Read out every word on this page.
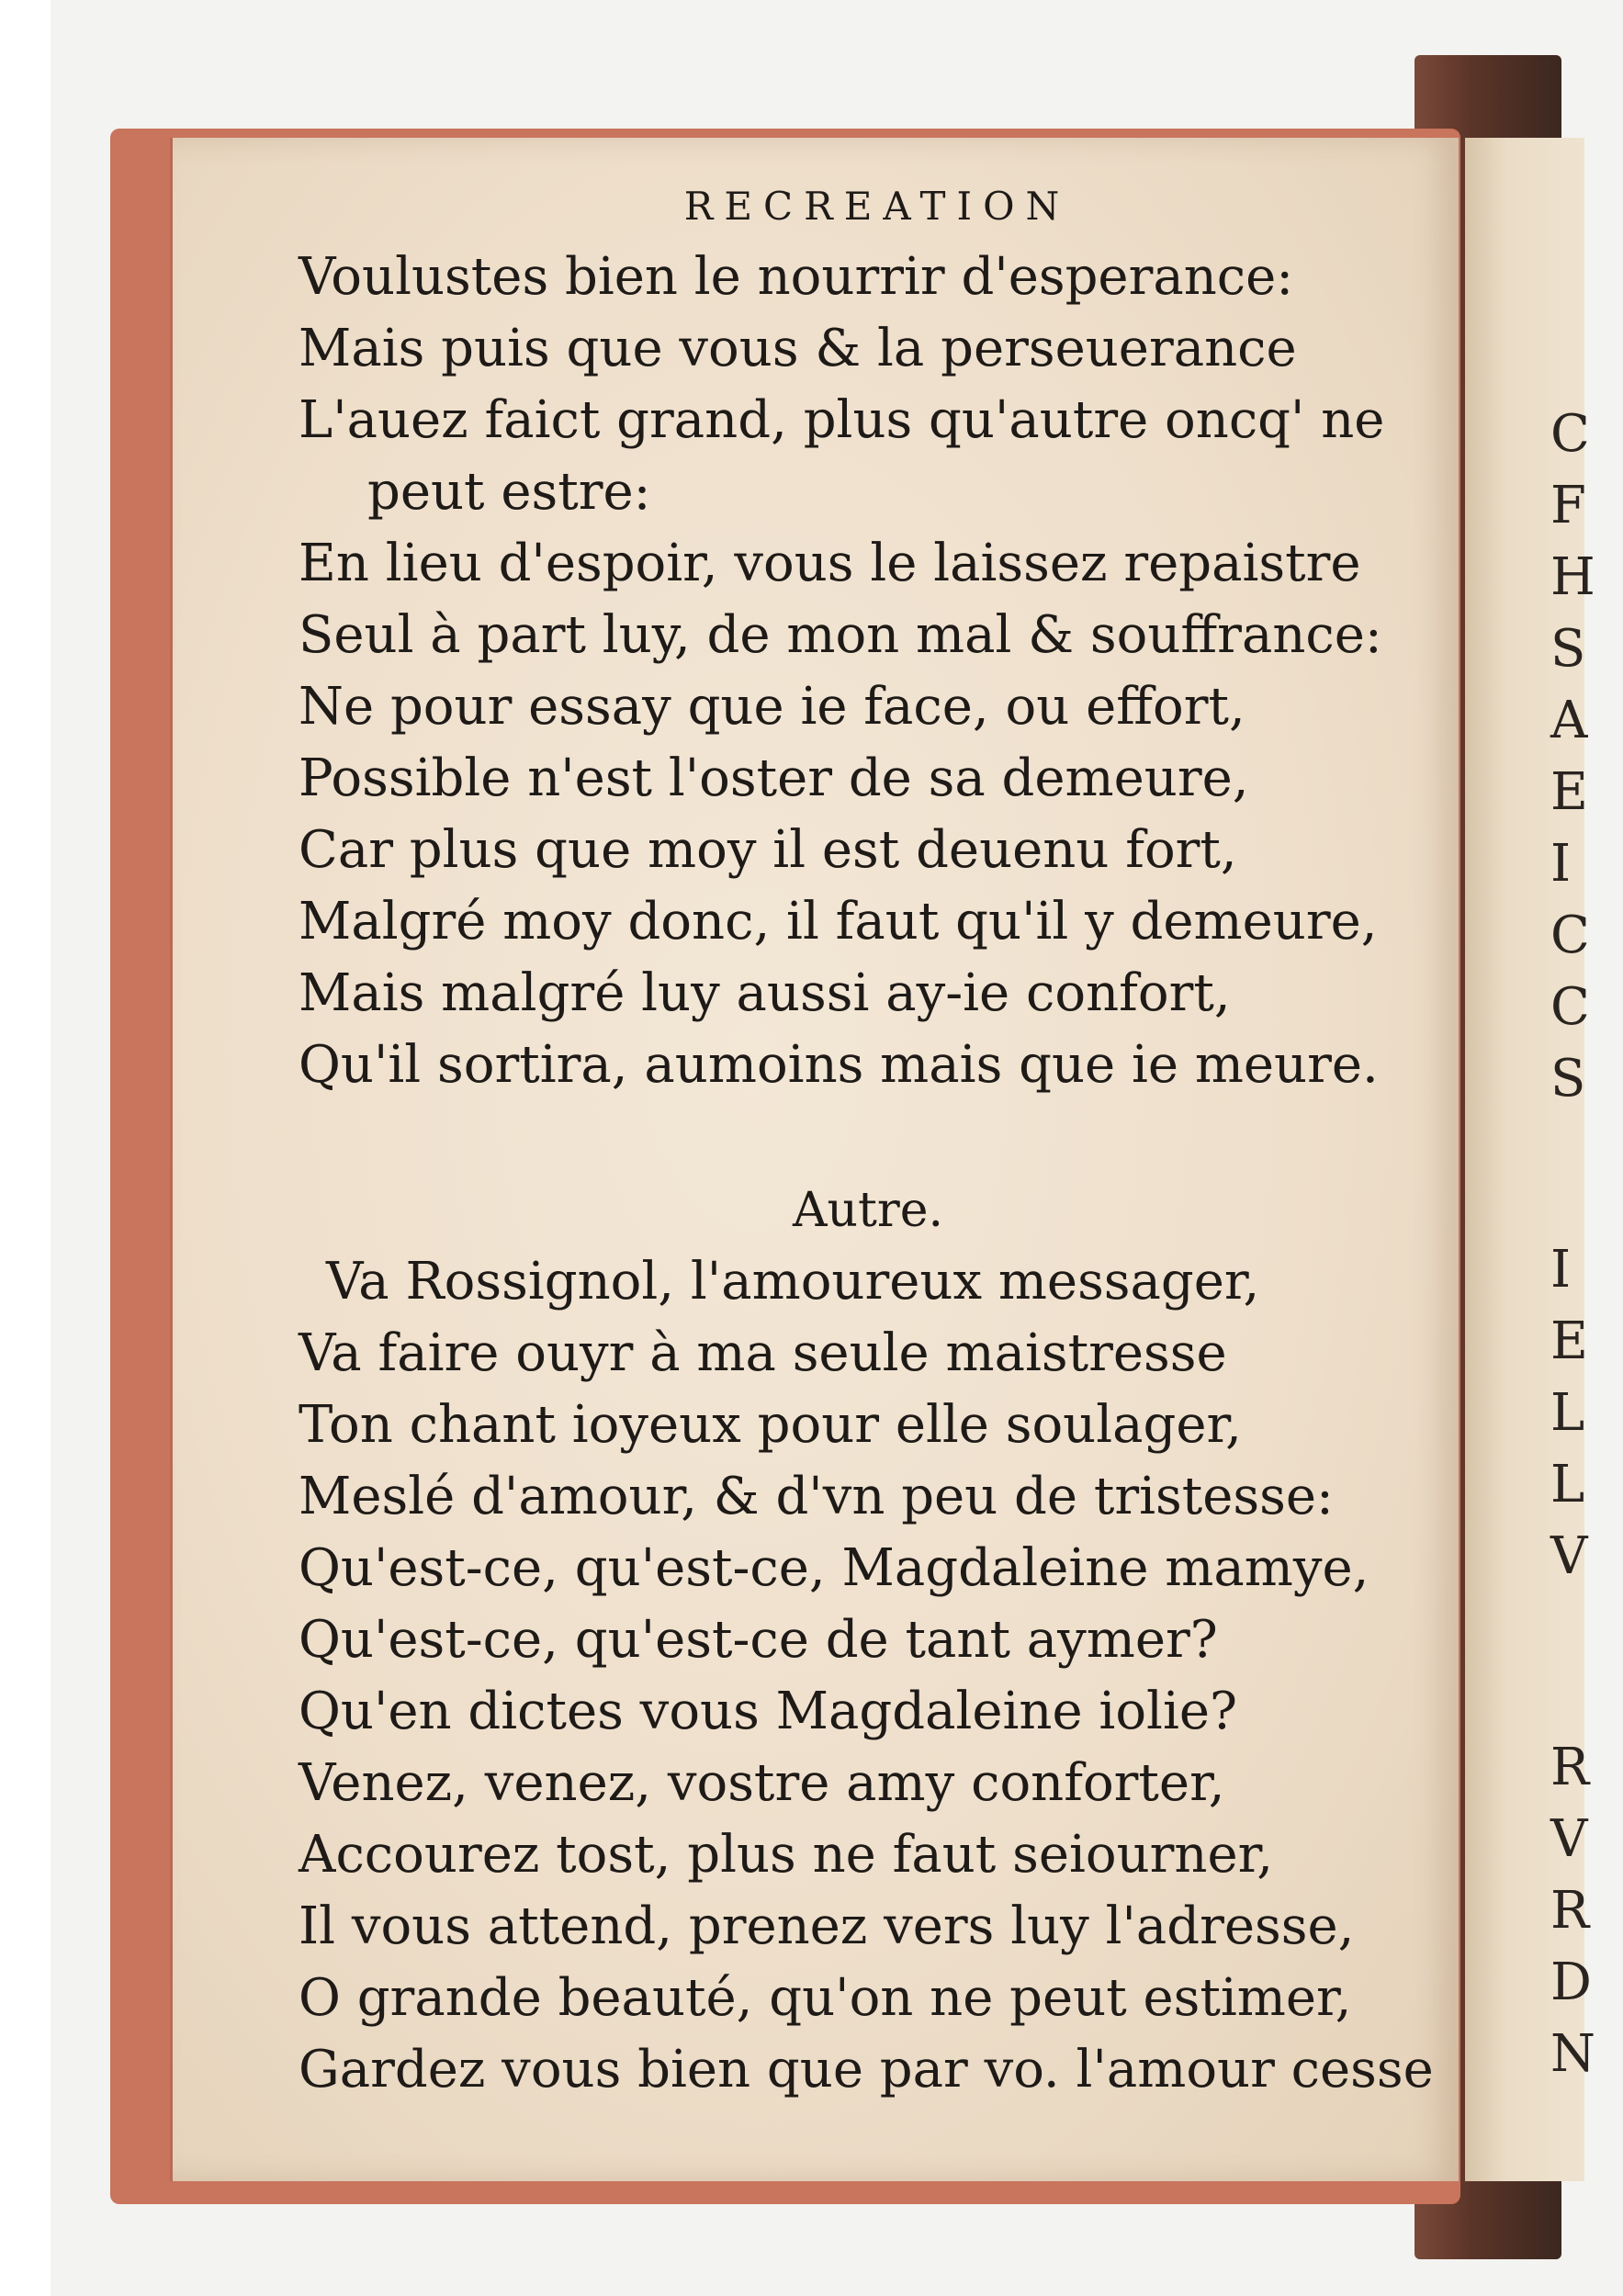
RECREATION
Voulustes bien le nourrir d'esperance:
Mais puis que vous & la perseuerance
L'auez faict grand, plus qu'autre oncq' ne
peut estre:
En lieu d'espoir, vous le laissez repaistre
Seul à part luy, de mon mal & souffrance:
Ne pour essay que ie face, ou effort,
Possible n'est l'oster de sa demeure,
Car plus que moy il est deuenu fort,
Malgré moy donc, il faut qu'il y demeure,
Mais malgré luy aussi ay-ie confort,
Qu'il sortira, aumoins mais que ie meure.
Autre.
Va Rossignol, l'amoureux messager,
Va faire ouyr à ma seule maistresse
Ton chant ioyeux pour elle soulager,
Meslé d'amour, & d'vn peu de tristesse:
Qu'est-ce, qu'est-ce, Magdaleine mamye,
Qu'est-ce, qu'est-ce de tant aymer?
Qu'en dictes vous Magdaleine iolie?
Venez, venez, vostre amy conforter,
Accourez tost, plus ne faut seiourner,
Il vous attend, prenez vers luy l'adresse,
O grande beauté, qu'on ne peut estimer,
Gardez vous bien que par vo. l'amour cesse
C
F
H
S
A
E
I
C
C
S
I
E
L
L
V
R
V
R
D
N
